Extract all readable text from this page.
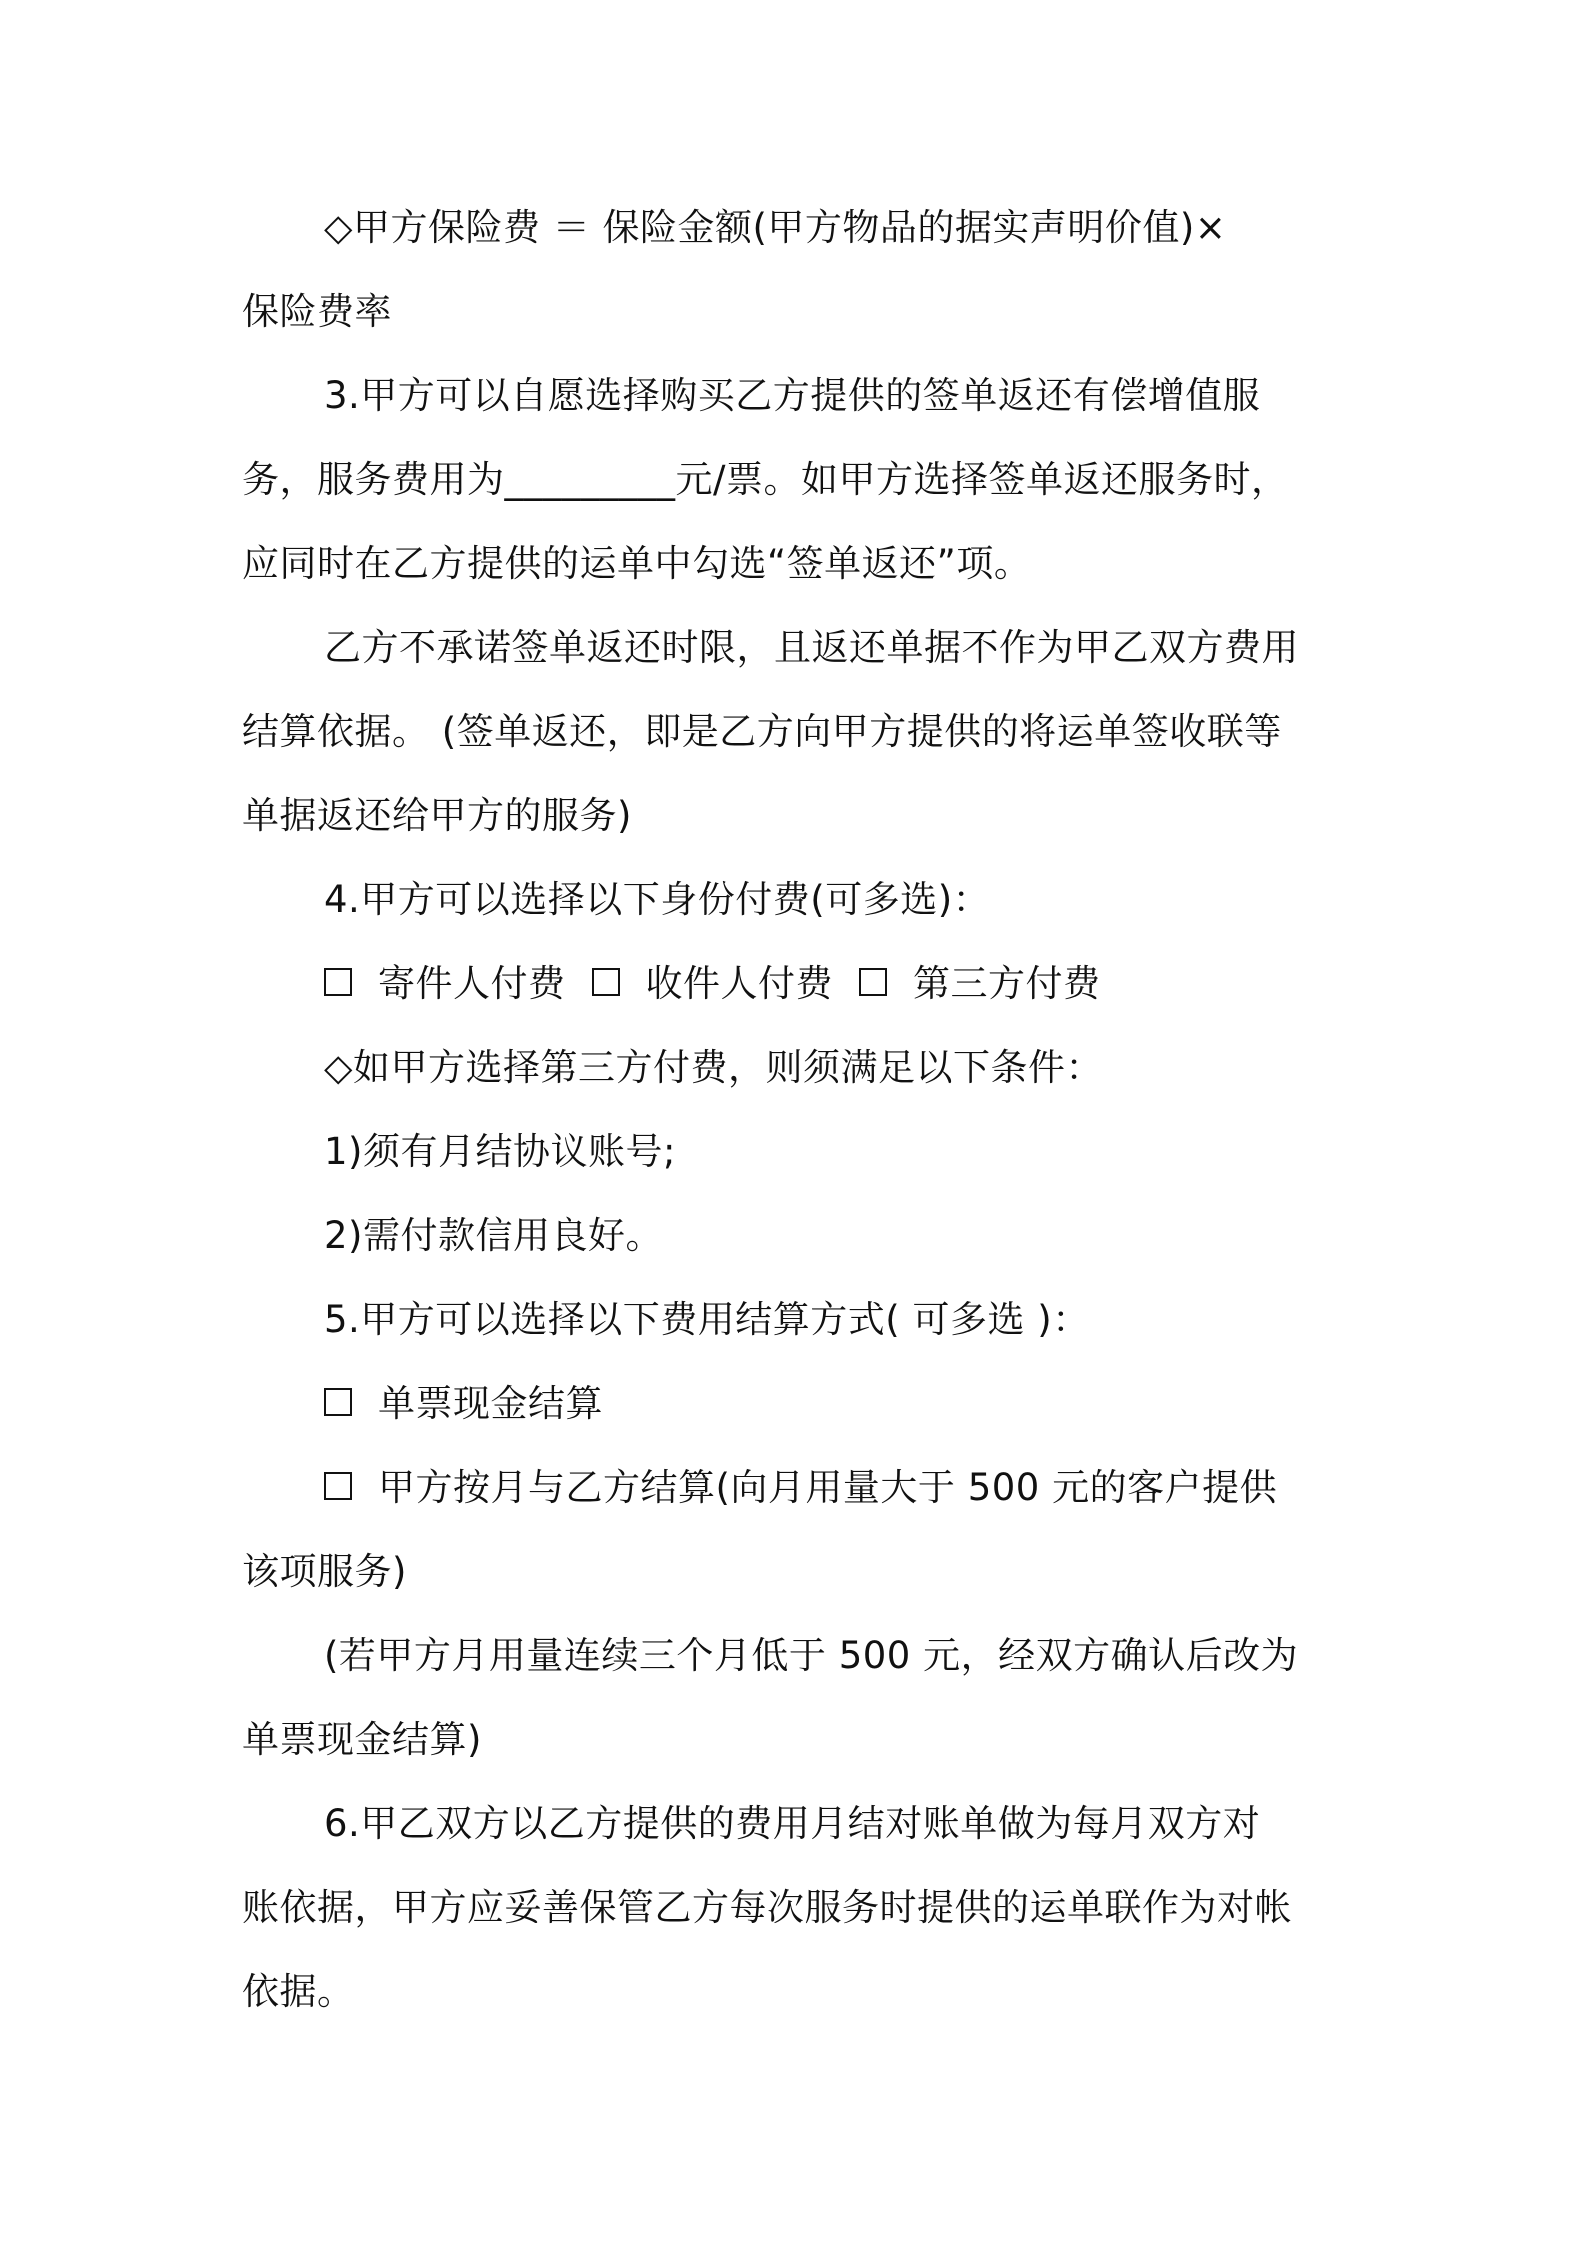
◇甲方保险费 ＝ 保险金额(甲方物品的据实声明价值)×
保险费率
3.甲方可以自愿选择购买乙方提供的签单返还有偿增值服
务，服务费用为_________元/票。如甲方选择签单返还服务时，
应同时在乙方提供的运单中勾选“签单返还”项。
乙方不承诺签单返还时限，且返还单据不作为甲乙双方费用
结算依据。 (签单返还，即是乙方向甲方提供的将运单签收联等
单据返还给甲方的服务)
4.甲方可以选择以下身份付费(可多选)：
寄件人付费 收件人付费 第三方付费
◇如甲方选择第三方付费，则须满足以下条件：
1)须有月结协议账号;
2)需付款信用良好。
5.甲方可以选择以下费用结算方式( 可多选 )：
单票现金结算
甲方按月与乙方结算(向月用量大于 500 元的客户提供
该项服务)
(若甲方月用量连续三个月低于 500 元，经双方确认后改为
单票现金结算)
6.甲乙双方以乙方提供的费用月结对账单做为每月双方对
账依据，甲方应妥善保管乙方每次服务时提供的运单联作为对帐
依据。
